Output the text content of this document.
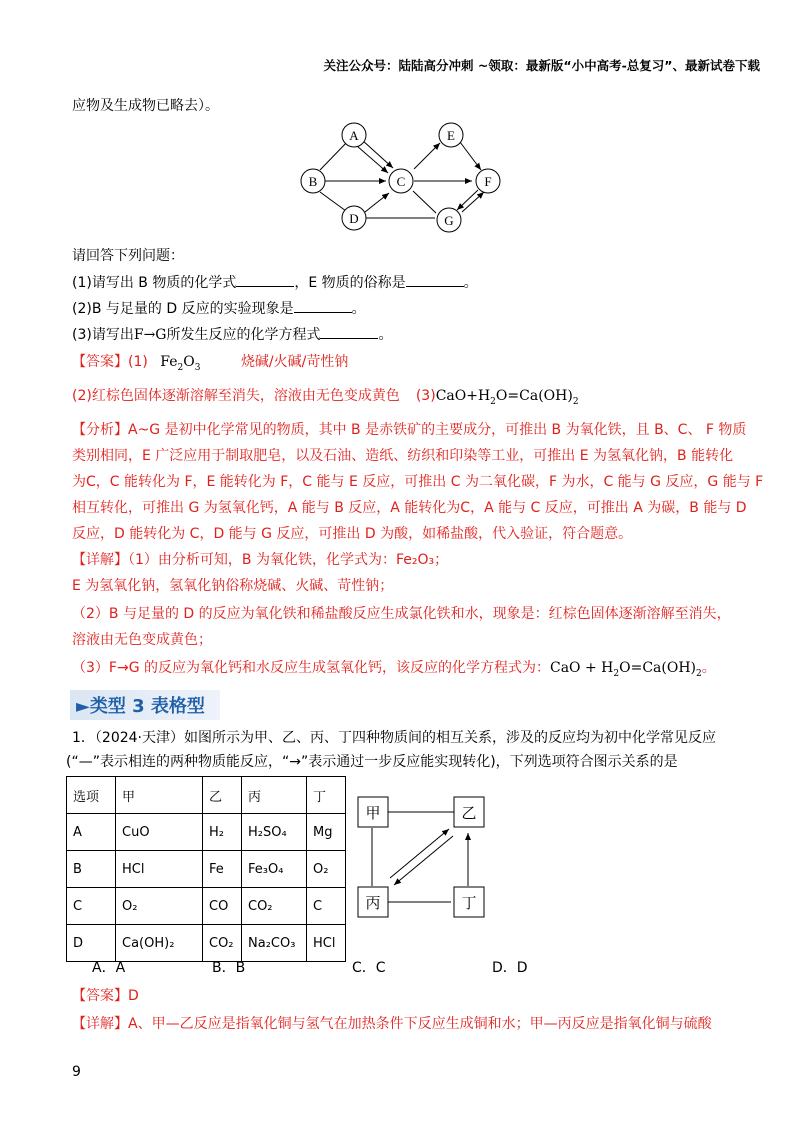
关注公众号：陆陆高分冲刺 ~领取：最新版“小中高考-总复习”、最新试卷下载
应物及生成物已略去）。
A
B	C
D
E
F
G
请回答下列问题：
(1)请写出 B 物质的化学式	，E 物质的俗称是	。
(2)B 与足量的 D 反应的实验现象是	。
(3)请写出F→G所发生反应的化学方程式	。
【答案】(1) $Fe_2O_3$	烧碱/火碱/苛性钠
(2)红棕色固体逐渐溶解至消失，溶液由无色变成黄色 $(3)CaO+H_2O=Ca(OH)_2$
【分析】A~G 是初中化学常见的物质，其中 B 是赤铁矿的主要成分，可推出 B 为氧化铁，且 B、C、 F 物质
类别相同，E 广泛应用于制取肥皂，以及石油、造纸、纺织和印染等工业，可推出 E 为氢氧化钠，B 能转化
为C，C 能转化为 F，E 能转化为 F，C 能与 E 反应，可推出 C 为二氧化碳，F 为水，C 能与 G 反应，G 能与 F
相互转化，可推出 G 为氢氧化钙，A 能与 B 反应，A 能转化为C，A 能与 C 反应，可推出 A 为碳，B 能与 D
反应，D 能转化为 C，D 能与 G 反应，可推出 D 为酸，如稀盐酸，代入验证，符合题意。
【详解】（1）由分析可知，B 为氧化铁，化学式为：Fe₂O₃；
E 为氢氧化钠，氢氧化钠俗称烧碱、火碱、苛性钠；
（2）B 与足量的 D 的反应为氧化铁和稀盐酸反应生成氯化铁和水，现象是：红棕色固体逐渐溶解至消失，
溶液由无色变成黄色；
（3）F→G 的反应为氧化钙和水反应生成氢氧化钙，该反应的化学方程式为：CaO + $H_2O=Ca(OH)_2$。
►类型 3 表格型
1．（2024·天津）如图所示为甲、乙、丙、丁四种物质间的相互关系，涉及的反应均为初中化学常见反应
(“—”表示相连的两种物质能反应，“→”表示通过一步反应能实现转化)，下列选项符合图示关系的是
选项	甲	乙	丙	丁
A	CuO	H₂	H₂SO₄	Mg
B	HCl	Fe	Fe₃O₄	O₂
C	O₂	CO	CO₂	C
D	Ca(OH)₂	CO₂	Na₂CO₃	HCl
甲	乙
丙	丁
A．A	B．B	C．C	D．D
【答案】D
【详解】A、甲—乙反应是指氧化铜与氢气在加热条件下反应生成铜和水；甲—丙反应是指氧化铜与硫酸
9
